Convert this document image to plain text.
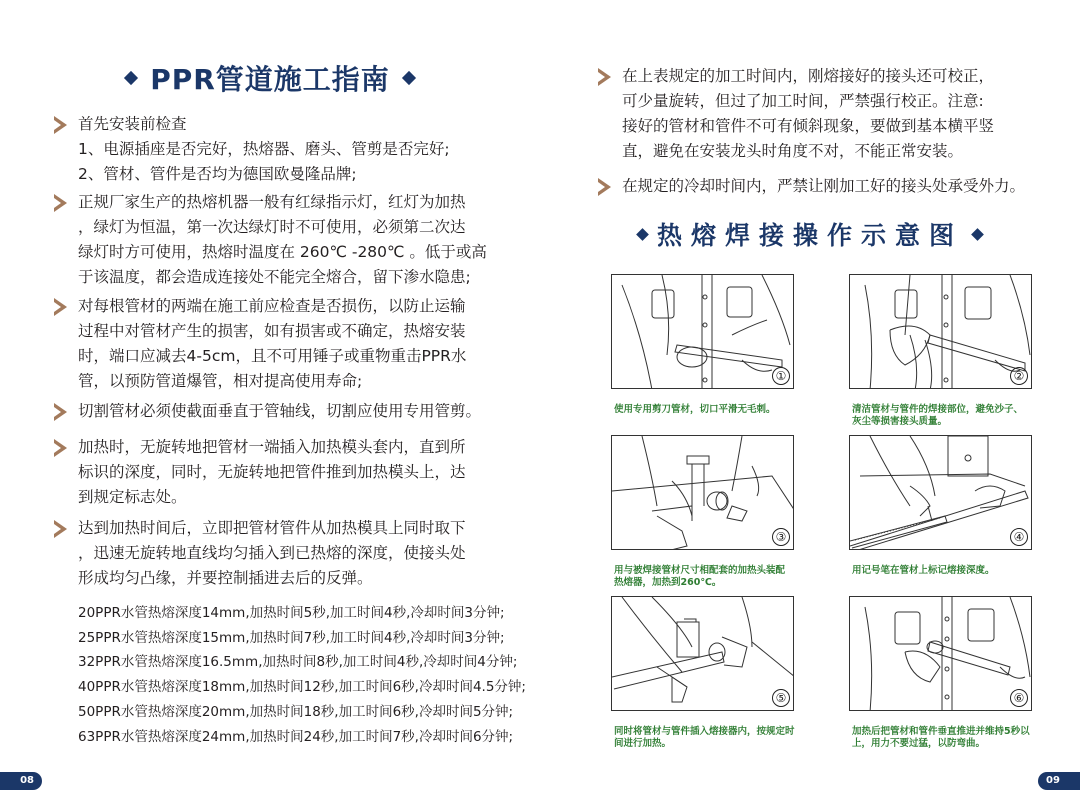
PPR管道施工指南
首先安装前检查
1、电源插座是否完好，热熔器、磨头、管剪是否完好;
2、管材、管件是否均为德国欧曼隆品牌;
正规厂家生产的热熔机器一般有红绿指示灯，红灯为加热
，绿灯为恒温，第一次达绿灯时不可使用，必须第二次达
绿灯时方可使用，热熔时温度在 260℃ -280℃ 。低于或高
于该温度，都会造成连接处不能完全熔合，留下渗水隐患;
对每根管材的两端在施工前应检查是否损伤，以防止运输
过程中对管材产生的损害，如有损害或不确定，热熔安装
时，端口应减去4-5cm，且不可用锤子或重物重击PPR水
管，以预防管道爆管，相对提高使用寿命;
切割管材必须使截面垂直于管轴线，切割应使用专用管剪。
加热时，无旋转地把管材一端插入加热模头套内，直到所
标识的深度，同时，无旋转地把管件推到加热模头上，达
到规定标志处。
达到加热时间后，立即把管材管件从加热模具上同时取下
，迅速无旋转地直线均匀插入到已热熔的深度，使接头处
形成均匀凸缘，并要控制插进去后的反弹。
20PPR水管热熔深度14mm,加热时间5秒,加工时间4秒,冷却时间3分钟;
25PPR水管热熔深度15mm,加热时间7秒,加工时间4秒,冷却时间3分钟;
32PPR水管热熔深度16.5mm,加热时间8秒,加工时间4秒,冷却时间4分钟;
40PPR水管热熔深度18mm,加热时间12秒,加工时间6秒,冷却时间4.5分钟;
50PPR水管热熔深度20mm,加热时间18秒,加工时间6秒,冷却时间5分钟;
63PPR水管热熔深度24mm,加热时间24秒,加工时间7秒,冷却时间6分钟;
08
在上表规定的加工时间内，刚熔接好的接头还可校正，
可少量旋转，但过了加工时间，严禁强行校正。注意:
接好的管材和管件不可有倾斜现象，要做到基本横平竖
直，避免在安装龙头时角度不对，不能正常安装。
在规定的冷却时间内，严禁让刚加工好的接头处承受外力。
热熔焊接操作示意图
①
使用专用剪刀管材，切口平滑无毛刺。
②
清洁管材与管件的焊接部位，避免沙子、
灰尘等损害接头质量。
③
用与被焊接管材尺寸相配套的加热头装配
热熔器，加热到260℃。
④
用记号笔在管材上标记熔接深度。
⑤
同时将管材与管件插入熔接器内，按规定时
间进行加热。
⑥
加热后把管材和管件垂直推进并维持5秒以
上，用力不要过猛，以防弯曲。
09
